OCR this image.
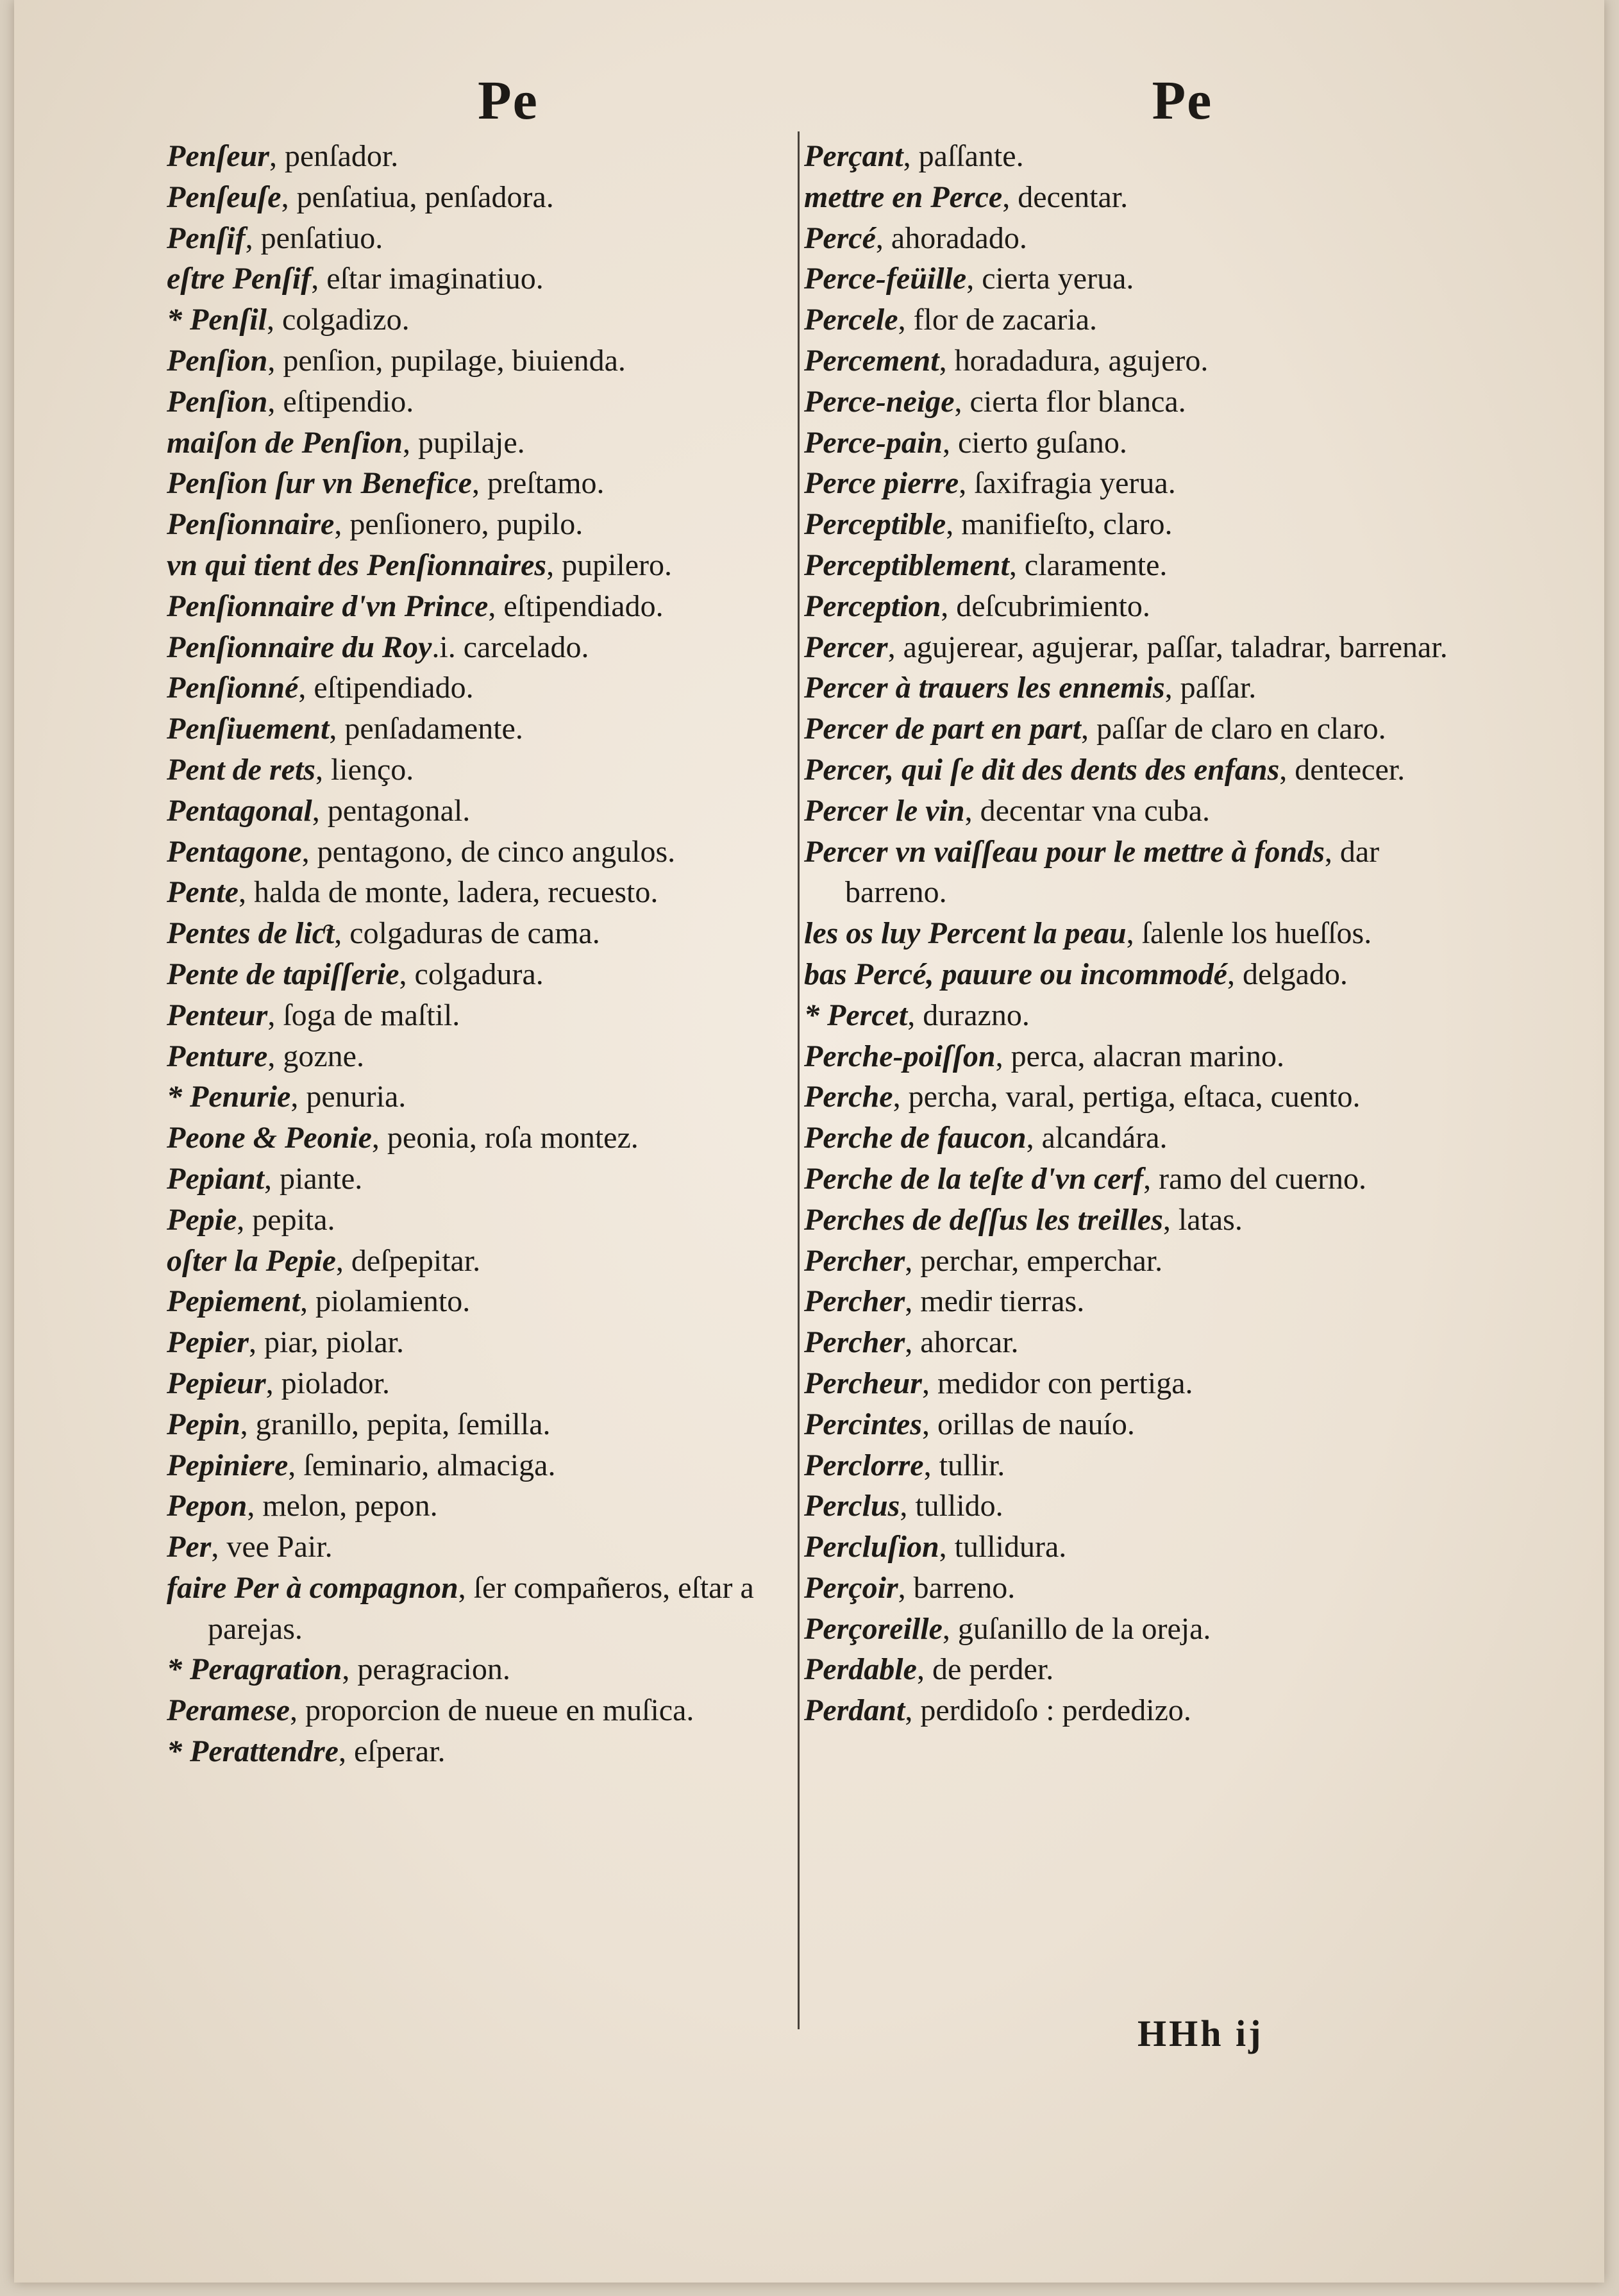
Pe
Penſeur, penſador.
Penſeuſe, penſatiua, penſadora.
Penſif, penſatiuo.
eſtre Penſif, eſtar imaginatiuo.
* Penſil, colgadizo.
Penſion, penſion, pupilage, biuienda.
Penſion, eſtipendio.
maiſon de Penſion, pupilaje.
Penſion ſur vn Benefice, preſtamo.
Penſionnaire, penſionero, pupilo.
vn qui tient des Penſionnaires, pupilero.
Penſionnaire d'vn Prince, eſtipendiado.
Penſionnaire du Roy.i. carcelado.
Penſionné, eſtipendiado.
Penſiuement, penſadamente.
Pent de rets, lienço.
Pentagonal, pentagonal.
Pentagone, pentagono, de cinco angulos.
Pente, halda de monte, ladera, recuesto.
Pentes de liƈt, colgaduras de cama.
Pente de tapiſſerie, colgadura.
Penteur, ſoga de maſtil.
Penture, gozne.
* Penurie, penuria.
Peone & Peonie, peonia, roſa montez.
Pepiant, piante.
Pepie, pepita.
oſter la Pepie, deſpepitar.
Pepiement, piolamiento.
Pepier, piar, piolar.
Pepieur, piolador.
Pepin, granillo, pepita, ſemilla.
Pepiniere, ſeminario, almaciga.
Pepon, melon, pepon.
Per, vee Pair.
faire Per à compagnon, ſer compañeros, eſtar a parejas.
* Peragration, peragracion.
Peramese, proporcion de nueue en muſica.
* Perattendre, eſperar.
Pe
Perçant, paſſante.
mettre en Perce, decentar.
Percé, ahoradado.
Perce-feüille, cierta yerua.
Percele, flor de zacaria.
Percement, horadadura, agujero.
Perce-neige, cierta flor blanca.
Perce-pain, cierto guſano.
Perce pierre, ſaxifragia yerua.
Perceptible, manifieſto, claro.
Perceptiblement, claramente.
Perception, deſcubrimiento.
Percer, agujerear, agujerar, paſſar, taladrar, barrenar.
Percer à trauers les ennemis, paſſar.
Percer de part en part, paſſar de claro en claro.
Percer, qui ſe dit des dents des enfans, dentecer.
Percer le vin, decentar vna cuba.
Percer vn vaiſſeau pour le mettre à fonds, dar barreno.
les os luy Percent la peau, ſalenle los hueſſos.
bas Percé, pauure ou incommodé, delgado.
* Percet, durazno.
Perche-poiſſon, perca, alacran marino.
Perche, percha, varal, pertiga, eſtaca, cuento.
Perche de faucon, alcandára.
Perche de la teſte d'vn cerf, ramo del cuerno.
Perches de deſſus les treilles, latas.
Percher, perchar, emperchar.
Percher, medir tierras.
Percher, ahorcar.
Percheur, medidor con pertiga.
Percintes, orillas de nauío.
Perclorre, tullir.
Perclus, tullido.
Percluſion, tullidura.
Perçoir, barreno.
Perçoreille, guſanillo de la oreja.
Perdable, de perder.
Perdant, perdidoſo : perdedizo.
HHh ij
